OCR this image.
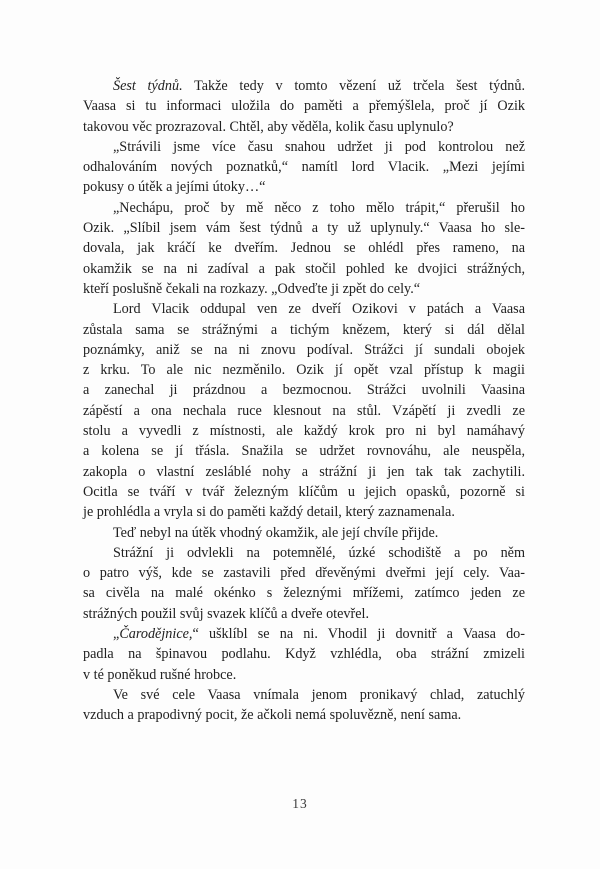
Šest týdnů. Takže tedy v tomto vězení už trčela šest týdnů.
Vaasa si tu informaci uložila do paměti a přemýšlela, proč jí Ozik
takovou věc prozrazoval. Chtěl, aby věděla, kolik času uplynulo?
„Strávili jsme více času snahou udržet ji pod kontrolou než
odhalováním nových poznatků,“ namítl lord Vlacik. „Mezi jejími
pokusy o útěk a jejími útoky…“
„Nechápu, proč by mě něco z toho mělo trápit,“ přerušil ho
Ozik. „Slíbil jsem vám šest týdnů a ty už uplynuly.“ Vaasa ho sle-
dovala, jak kráčí ke dveřím. Jednou se ohlédl přes rameno, na
okamžik se na ni zadíval a pak stočil pohled ke dvojici strážných,
kteří poslušně čekali na rozkazy. „Odveďte ji zpět do cely.“
Lord Vlacik oddupal ven ze dveří Ozikovi v patách a Vaasa
zůstala sama se strážnými a tichým knězem, který si dál dělal
poznámky, aniž se na ni znovu podíval. Strážci jí sundali obojek
z krku. To ale nic nezměnilo. Ozik jí opět vzal přístup k magii
a zanechal ji prázdnou a bezmocnou. Strážci uvolnili Vaasina
zápěstí a ona nechala ruce klesnout na stůl. Vzápětí ji zvedli ze
stolu a vyvedli z místnosti, ale každý krok pro ni byl namáhavý
a kolena se jí třásla. Snažila se udržet rovnováhu, ale neuspěla,
zakopla o vlastní zesláblé nohy a strážní ji jen tak tak zachytili.
Ocitla se tváří v tvář železným klíčům u jejich opasků, pozorně si
je prohlédla a vryla si do paměti každý detail, který zaznamenala.
Teď nebyl na útěk vhodný okamžik, ale její chvíle přijde.
Strážní ji odvlekli na potemnělé, úzké schodiště a po něm
o patro výš, kde se zastavili před dřevěnými dveřmi její cely. Vaa-
sa civěla na malé okénko s železnými mřížemi, zatímco jeden ze
strážných použil svůj svazek klíčů a dveře otevřel.
„Čarodějnice,“ ušklíbl se na ni. Vhodil ji dovnitř a Vaasa do-
padla na špinavou podlahu. Když vzhlédla, oba strážní zmizeli
v té poněkud rušné hrobce.
Ve své cele Vaasa vnímala jenom pronikavý chlad, zatuchlý
vzduch a prapodivný pocit, že ačkoli nemá spoluvězně, není sama.
13
